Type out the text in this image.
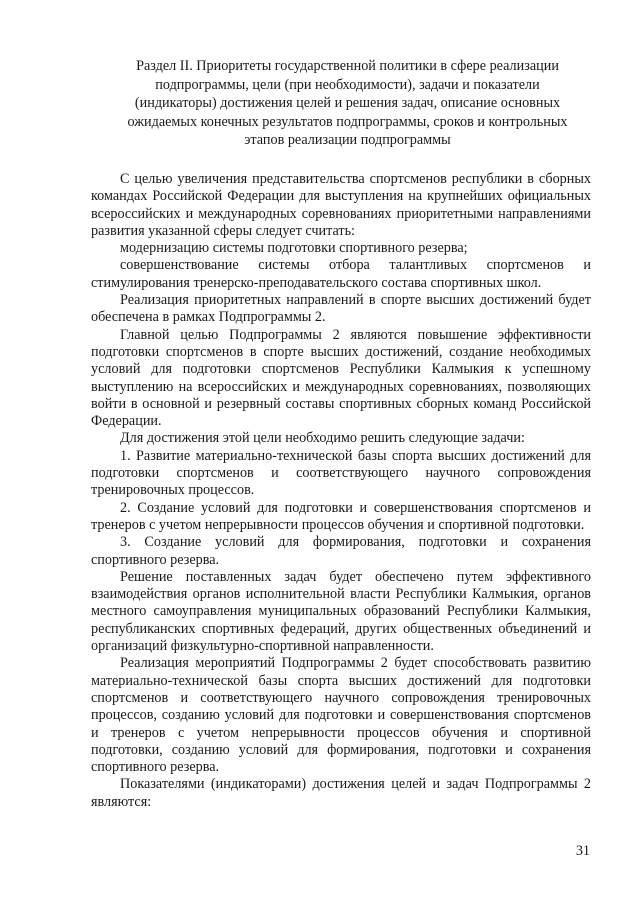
Раздел II. Приоритеты государственной политики в сфере реализации подпрограммы, цели (при необходимости), задачи и показатели (индикаторы) достижения целей и решения задач, описание основных ожидаемых конечных результатов подпрограммы, сроков и контрольных этапов реализации подпрограммы

С целью увеличения представительства спортсменов республики в сборных командах Российской Федерации для выступления на крупнейших официальных всероссийских и международных соревнованиях приоритетными направлениями развития указанной сферы следует считать:

модернизацию системы подготовки спортивного резерва;

совершенствование системы отбора талантливых спортсменов и стимулирования тренерско-преподавательского состава спортивных школ.

Реализация приоритетных направлений в спорте высших достижений будет обеспечена в рамках Подпрограммы 2.

Главной целью Подпрограммы 2 являются повышение эффективности подготовки спортсменов в спорте высших достижений, создание необходимых условий для подготовки спортсменов Республики Калмыкия к успешному выступлению на всероссийских и международных соревнованиях, позволяющих войти в основной и резервный составы спортивных сборных команд Российской Федерации.

Для достижения этой цели необходимо решить следующие задачи:

1. Развитие материально-технической базы спорта высших достижений для подготовки спортсменов и соответствующего научного сопровождения тренировочных процессов.

2. Создание условий для подготовки и совершенствования спортсменов и тренеров с учетом непрерывности процессов обучения и спортивной подготовки.

3. Создание условий для формирования, подготовки и сохранения спортивного резерва.

Решение поставленных задач будет обеспечено путем эффективного взаимодействия органов исполнительной власти Республики Калмыкия, органов местного самоуправления муниципальных образований Республики Калмыкия, республиканских спортивных федераций, других общественных объединений и организаций физкультурно-спортивной направленности.

Реализация мероприятий Подпрограммы 2 будет способствовать развитию материально-технической базы спорта высших достижений для подготовки спортсменов и соответствующего научного сопровождения тренировочных процессов, созданию условий для подготовки и совершенствования спортсменов и тренеров с учетом непрерывности процессов обучения и спортивной подготовки, созданию условий для формирования, подготовки и сохранения спортивного резерва.

Показателями (индикаторами) достижения целей и задач Подпрограммы 2 являются:

31
